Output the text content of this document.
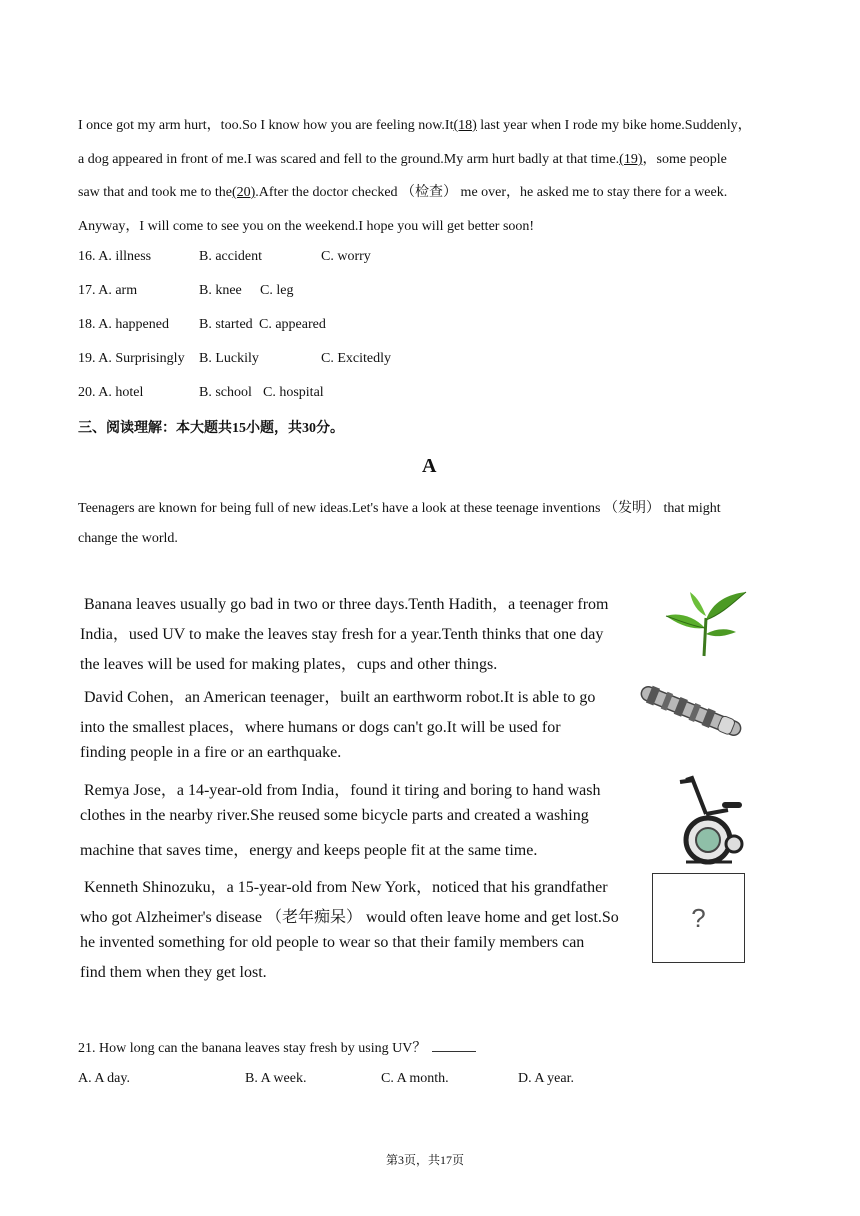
I once got my arm hurt，too.So I know how you are feeling now.It(18) last year when I rode my bike home.Suddenly，
a dog appeared in front of me.I was scared and fell to the ground.My arm hurt badly at that time.(19)，some people
saw that and took me to the(20).After the doctor checked （检查） me over，he asked me to stay there for a week.
Anyway，I will come to see you on the weekend.I hope you will get better soon!
16. A. illness	B. accident	C. worry
17. A. arm	B. knee C. leg
18. A. happened B. started C. appeared
19. A. Surprisingly B. Luckily	C. Excitedly
20. A. hotel	B. school C. hospital
三、阅读理解：本大题共15小题，共30分。
A
Teenagers are known for being full of new ideas.Let's have a look at these teenage inventions （发明） that might
change the world.
Banana leaves usually go bad in two or three days.Tenth Hadith，a teenager from
India，used UV to make the leaves stay fresh for a year.Tenth thinks that one day
the leaves will be used for making plates，cups and other things.
David Cohen，an American teenager，built an earthworm robot.It is able to go
into the smallest places，where humans or dogs can't go.It will be used for
finding people in a fire or an earthquake.
Remya Jose，a 14-year-old from India，found it tiring and boring to hand wash
clothes in the nearby river.She reused some bicycle parts and created a washing
machine that saves time，energy and keeps people fit at the same time.
Kenneth Shinozuku，a 15-year-old from New York，noticed that his grandfather
who got Alzheimer's disease （老年痴呆） would often leave home and get lost.So
he invented something for old people to wear so that their family members can
find them when they get lost.
?
21. How long can the banana leaves stay fresh by using UV？
A. A day.	B. A week.	C. A month.	D. A year.
第3页，共17页
